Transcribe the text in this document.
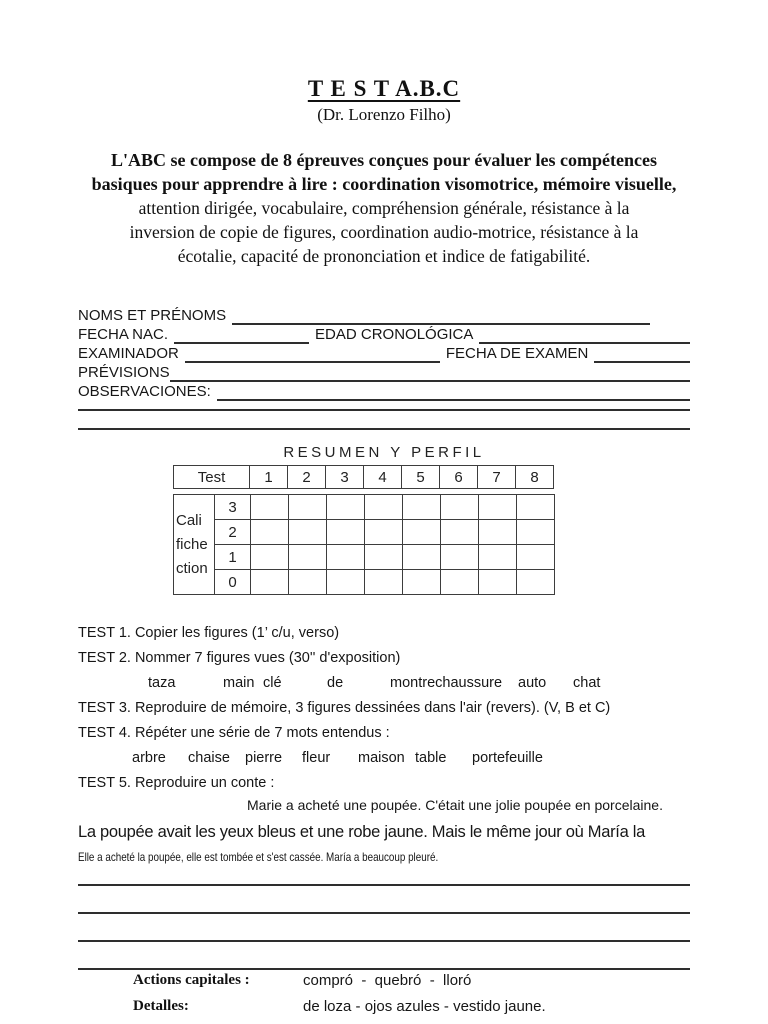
T E S T A.B.C
(Dr. Lorenzo Filho)
L'ABC se compose de 8 épreuves conçues pour évaluer les compétences
basiques pour apprendre à lire : coordination visomotrice, mémoire visuelle,
attention dirigée, vocabulaire, compréhension générale, résistance à la
inversion de copie de figures, coordination audio-motrice, résistance à la
écotalie, capacité de prononciation et indice de fatigabilité.
NOMS ET PRÉNOMS
FECHA NAC.	EDAD CRONOLÓGICA
EXAMINADOR	FECHA DE EXAMEN
PRÉVISIONS
OBSERVACIONES:
RESUMEN Y PERFIL
Test	1	2	3	4	5	6	7	8
Cali
fiche
ction	3								
	2								
	1								
	0								
TEST 1. Copier les figures (1’ c/u, verso)
TEST 2. Nommer 7 figures vues (30'' d'exposition)
taza	main clé	de	montrechaussure auto chat
TEST 3. Reproduire de mémoire, 3 figures dessinées dans l'air (revers). (V, B et C)
TEST 4. Répéter une série de 7 mots entendus :
arbre chaise pierre fleur maison table portefeuille
TEST 5. Reproduire un conte :
Marie a acheté une poupée. C'était une jolie poupée en porcelaine.
La poupée avait les yeux bleus et une robe jaune. Mais le même jour où María la
Elle a acheté la poupée, elle est tombée et s'est cassée. María a beaucoup pleuré.
Actions capitales :	compró  -  quebró  -  lloró
Detalles:	de loza - ojos azules - vestido jaune.
